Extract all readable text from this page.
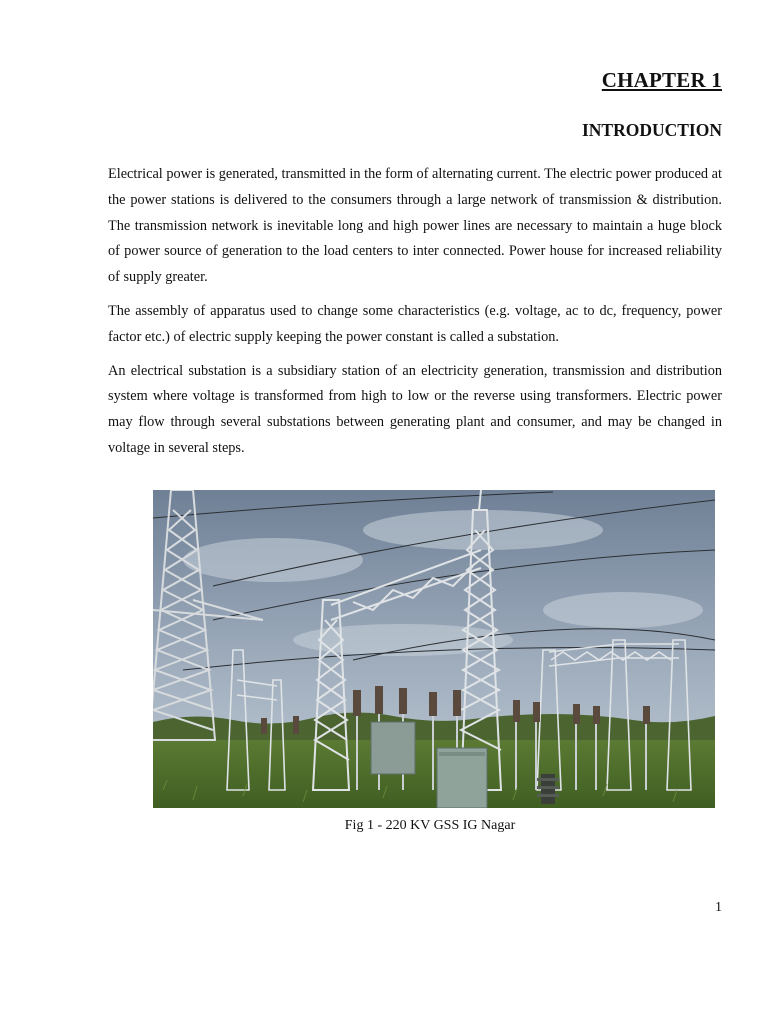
CHAPTER 1
INTRODUCTION

Electrical power is generated, transmitted in the form of alternating current. The electric power produced at the power stations is delivered to the consumers through a large network of transmission & distribution. The transmission network is inevitable long and high power lines are necessary to maintain a huge block of power source of generation to the load centers to inter connected. Power house for increased reliability of supply greater.

The assembly of apparatus used to change some characteristics (e.g. voltage, ac to dc, frequency, power factor etc.) of electric supply keeping the power constant is called a substation.

An electrical substation is a subsidiary station of an electricity generation, transmission and distribution system where voltage is transformed from high to low or the reverse using transformers. Electric power may flow through several substations between generating plant and consumer, and may be changed in voltage in several steps.

Fig 1 - 220 KV GSS IG Nagar
1
